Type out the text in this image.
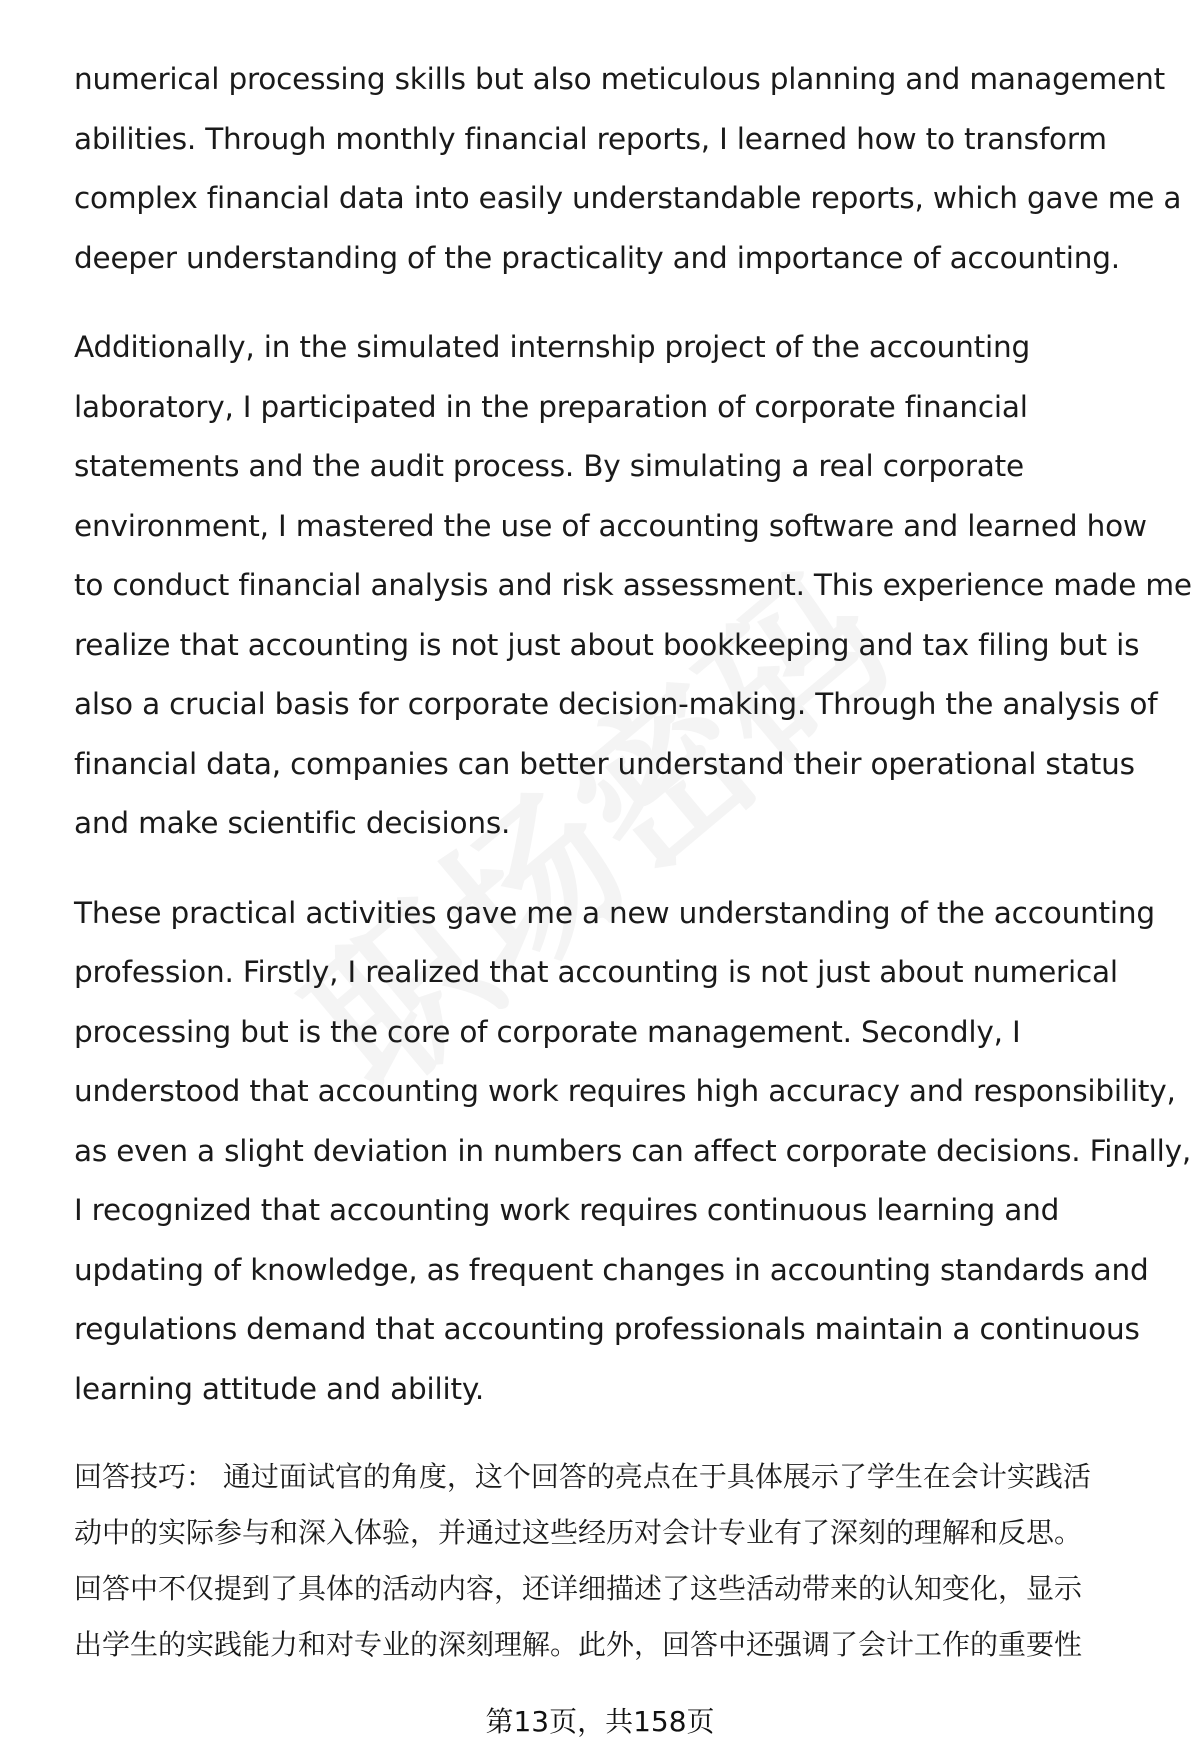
numerical processing skills but also meticulous planning and management
abilities. Through monthly financial reports, I learned how to transform
complex financial data into easily understandable reports, which gave me a
deeper understanding of the practicality and importance of accounting.

Additionally, in the simulated internship project of the accounting
laboratory, I participated in the preparation of corporate financial
statements and the audit process. By simulating a real corporate
environment, I mastered the use of accounting software and learned how
to conduct financial analysis and risk assessment. This experience made me
realize that accounting is not just about bookkeeping and tax filing but is
also a crucial basis for corporate decision-making. Through the analysis of
financial data, companies can better understand their operational status
and make scientific decisions.

These practical activities gave me a new understanding of the accounting
profession. Firstly, I realized that accounting is not just about numerical
processing but is the core of corporate management. Secondly, I
understood that accounting work requires high accuracy and responsibility,
as even a slight deviation in numbers can affect corporate decisions. Finally,
I recognized that accounting work requires continuous learning and
updating of knowledge, as frequent changes in accounting standards and
regulations demand that accounting professionals maintain a continuous
learning attitude and ability.

回答技巧： 通过面试官的角度，这个回答的亮点在于具体展示了学生在会计实践活
动中的实际参与和深入体验，并通过这些经历对会计专业有了深刻的理解和反思。
回答中不仅提到了具体的活动内容，还详细描述了这些活动带来的认知变化，显示
出学生的实践能力和对专业的深刻理解。此外，回答中还强调了会计工作的重要性
第13页，共158页
